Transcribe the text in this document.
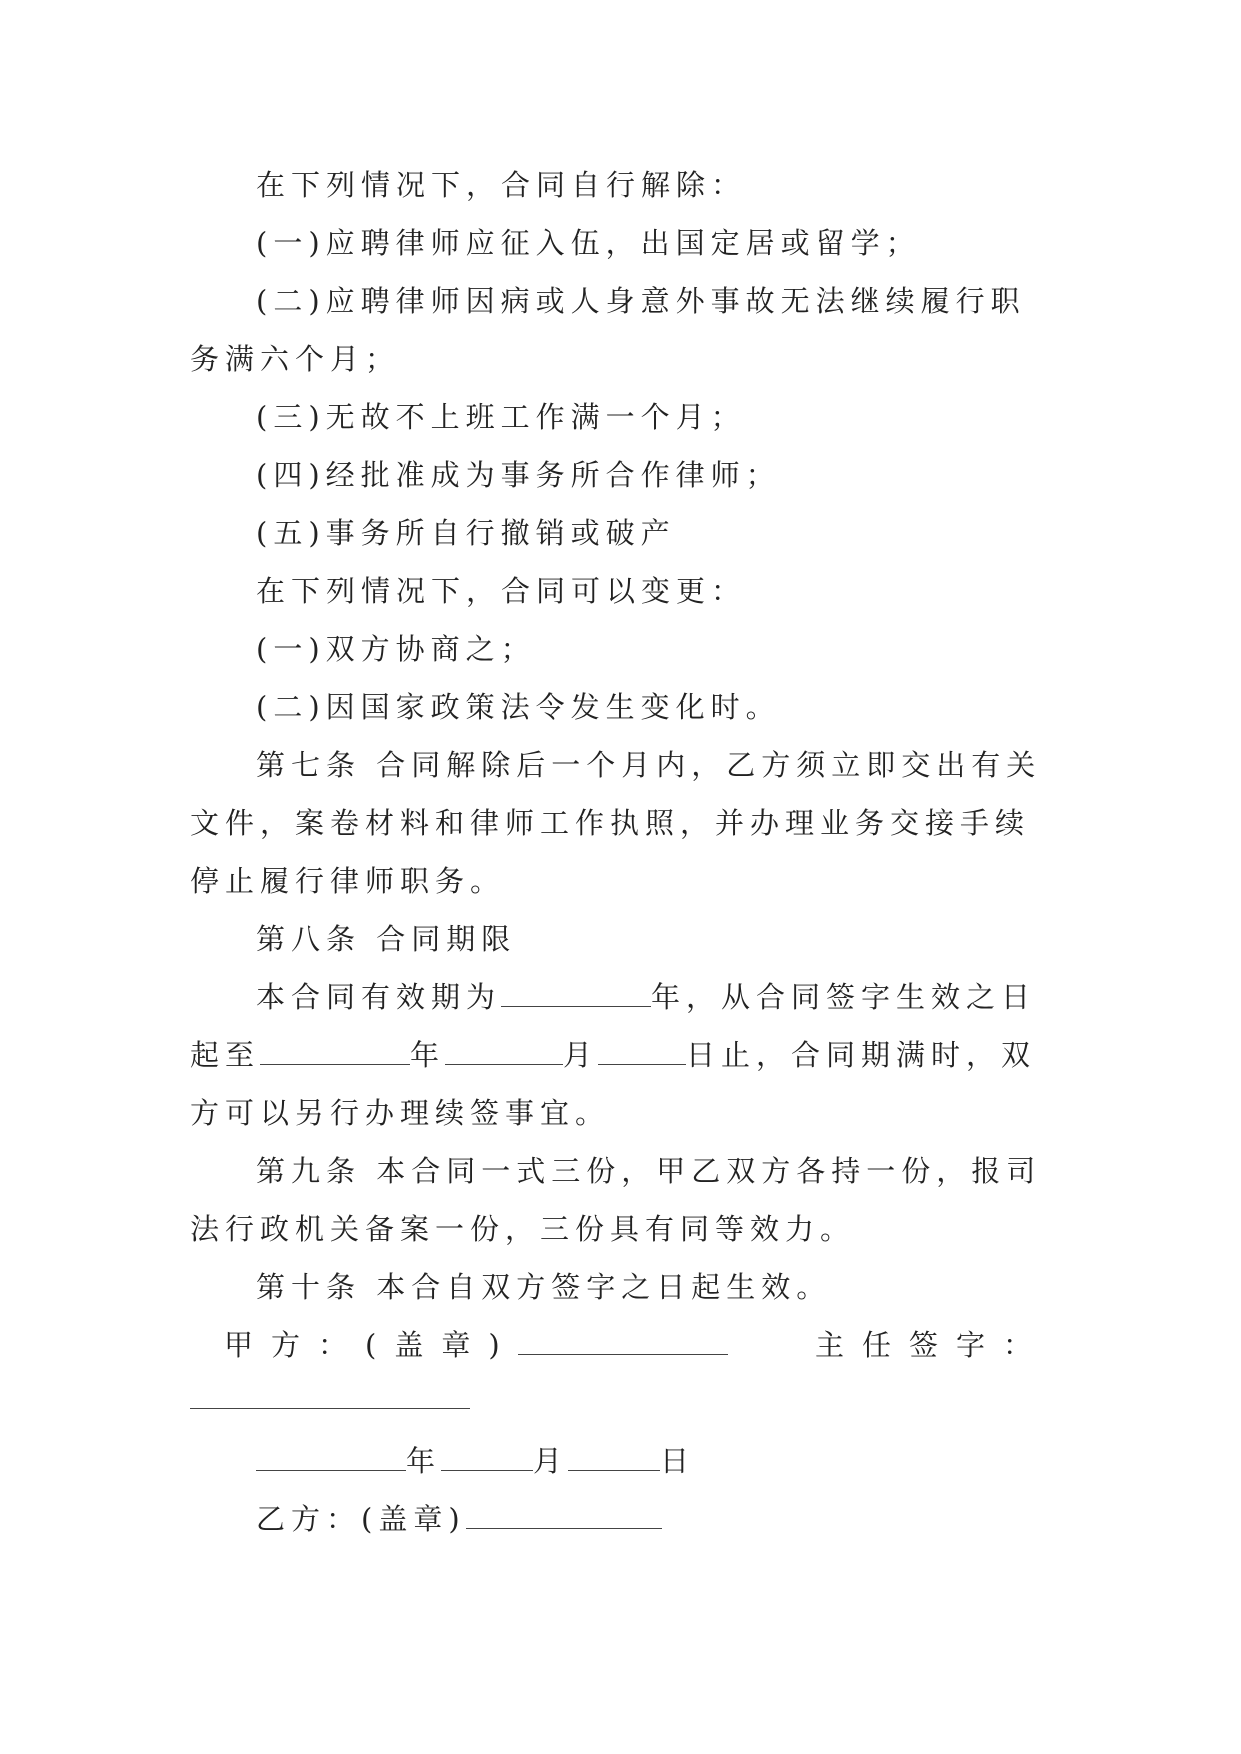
在下列情况下，合同自行解除：

(一)应聘律师应征入伍，出国定居或留学；

(二)应聘律师因病或人身意外事故无法继续履行职务满六个月；

(三)无故不上班工作满一个月；

(四)经批准成为事务所合作律师；

(五)事务所自行撤销或破产

在下列情况下，合同可以变更：

(一)双方协商之；

(二)因国家政策法令发生变化时。

第七条 合同解除后一个月内，乙方须立即交出有关文件，案卷材料和律师工作执照，并办理业务交接手续停止履行律师职务。

第八条 合同期限

本合同有效期为	年，从合同签字生效之日起至	年	月	日止，合同期满时，双方可以另行办理续签事宜。

第九条 本合同一式三份，甲乙双方各持一份，报司法行政机关备案一份，三份具有同等效力。

第十条 本合自双方签字之日起生效。

甲方：(盖章)	主任签字：

年	月	日

乙方：(盖章)
